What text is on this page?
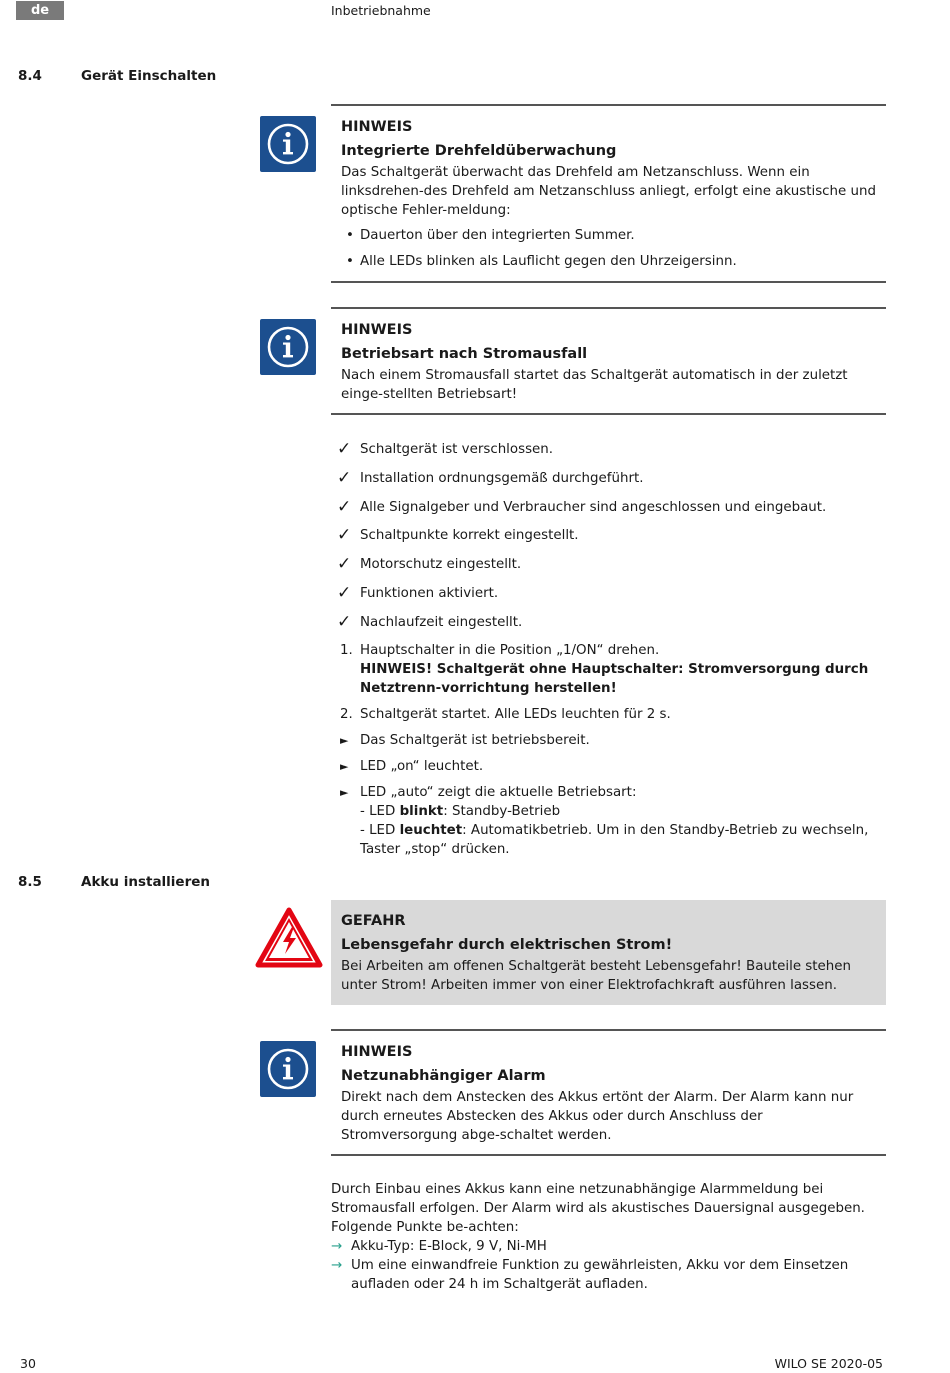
de	Inbetriebnahme
8.4	Gerät Einschalten
HINWEIS
Integrierte Drehfeldüberwachung
Das Schaltgerät überwacht das Drehfeld am Netzanschluss. Wenn ein linksdrehen-des Drehfeld am Netzanschluss anliegt, erfolgt eine akustische und optische Fehler-meldung:
• Dauerton über den integrierten Summer.
• Alle LEDs blinken als Lauflicht gegen den Uhrzeigersinn.
HINWEIS
Betriebsart nach Stromausfall
Nach einem Stromausfall startet das Schaltgerät automatisch in der zuletzt einge-stellten Betriebsart!
✓ Schaltgerät ist verschlossen.
✓ Installation ordnungsgemäß durchgeführt.
✓ Alle Signalgeber und Verbraucher sind angeschlossen und eingebaut.
✓ Schaltpunkte korrekt eingestellt.
✓ Motorschutz eingestellt.
✓ Funktionen aktiviert.
✓ Nachlaufzeit eingestellt.
1. Hauptschalter in die Position „1/ON“ drehen.
HINWEIS! Schaltgerät ohne Hauptschalter: Stromversorgung durch Netztrenn-vorrichtung herstellen!
2. Schaltgerät startet. Alle LEDs leuchten für 2 s.
► Das Schaltgerät ist betriebsbereit.
► LED „on“ leuchtet.
► LED „auto“ zeigt die aktuelle Betriebsart:
- LED blinkt: Standby-Betrieb
- LED leuchtet: Automatikbetrieb. Um in den Standby-Betrieb zu wechseln, Taster „stop“ drücken.
8.5	Akku installieren
GEFAHR
Lebensgefahr durch elektrischen Strom!
Bei Arbeiten am offenen Schaltgerät besteht Lebensgefahr! Bauteile stehen unter Strom! Arbeiten immer von einer Elektrofachkraft ausführen lassen.
HINWEIS
Netzunabhängiger Alarm
Direkt nach dem Anstecken des Akkus ertönt der Alarm. Der Alarm kann nur durch erneutes Abstecken des Akkus oder durch Anschluss der Stromversorgung abge-schaltet werden.
Durch Einbau eines Akkus kann eine netzunabhängige Alarmmeldung bei Stromausfall erfolgen. Der Alarm wird als akustisches Dauersignal ausgegeben. Folgende Punkte be-achten:
→ Akku-Typ: E-Block, 9 V, Ni-MH
→ Um eine einwandfreie Funktion zu gewährleisten, Akku vor dem Einsetzen aufladen oder 24 h im Schaltgerät aufladen.
30	WILO SE 2020-05
